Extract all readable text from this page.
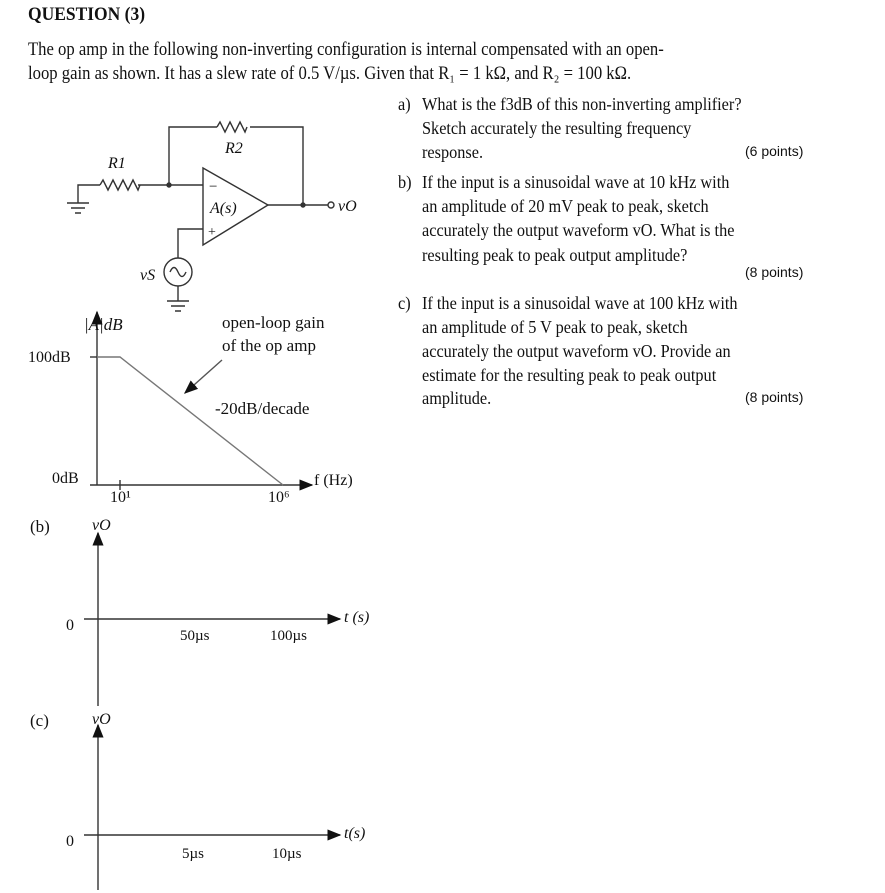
QUESTION (3)
The op amp in the following non-inverting configuration is internal compensated with an open-
loop gain as shown. It has a slew rate of 0.5 V/µs. Given that R₁ = 1 kΩ, and R₂ = 100 kΩ.
a) What is the f3dB of this non-inverting amplifier?
Sketch accurately the resulting frequency
response.	(6 points)
b) If the input is a sinusoidal wave at 10 kHz with
an amplitude of 20 mV peak to peak, sketch
accurately the output waveform vO. What is the
resulting peak to peak output amplitude?
(8 points)
c) If the input is a sinusoidal wave at 100 kHz with
an amplitude of 5 V peak to peak, sketch
accurately the output waveform vO. Provide an
estimate for the resulting peak to peak output
amplitude.	(8 points)
R1
R2
A(s)
−
+
vO
vS
|A|dB
100dB
0dB
10¹	10⁶
f (Hz)
open-loop gain
of the op amp
-20dB/decade
(b)	vO
0
50µs	100µs
t (s)
(c)	vO
0
5µs	10µs
t(s)
